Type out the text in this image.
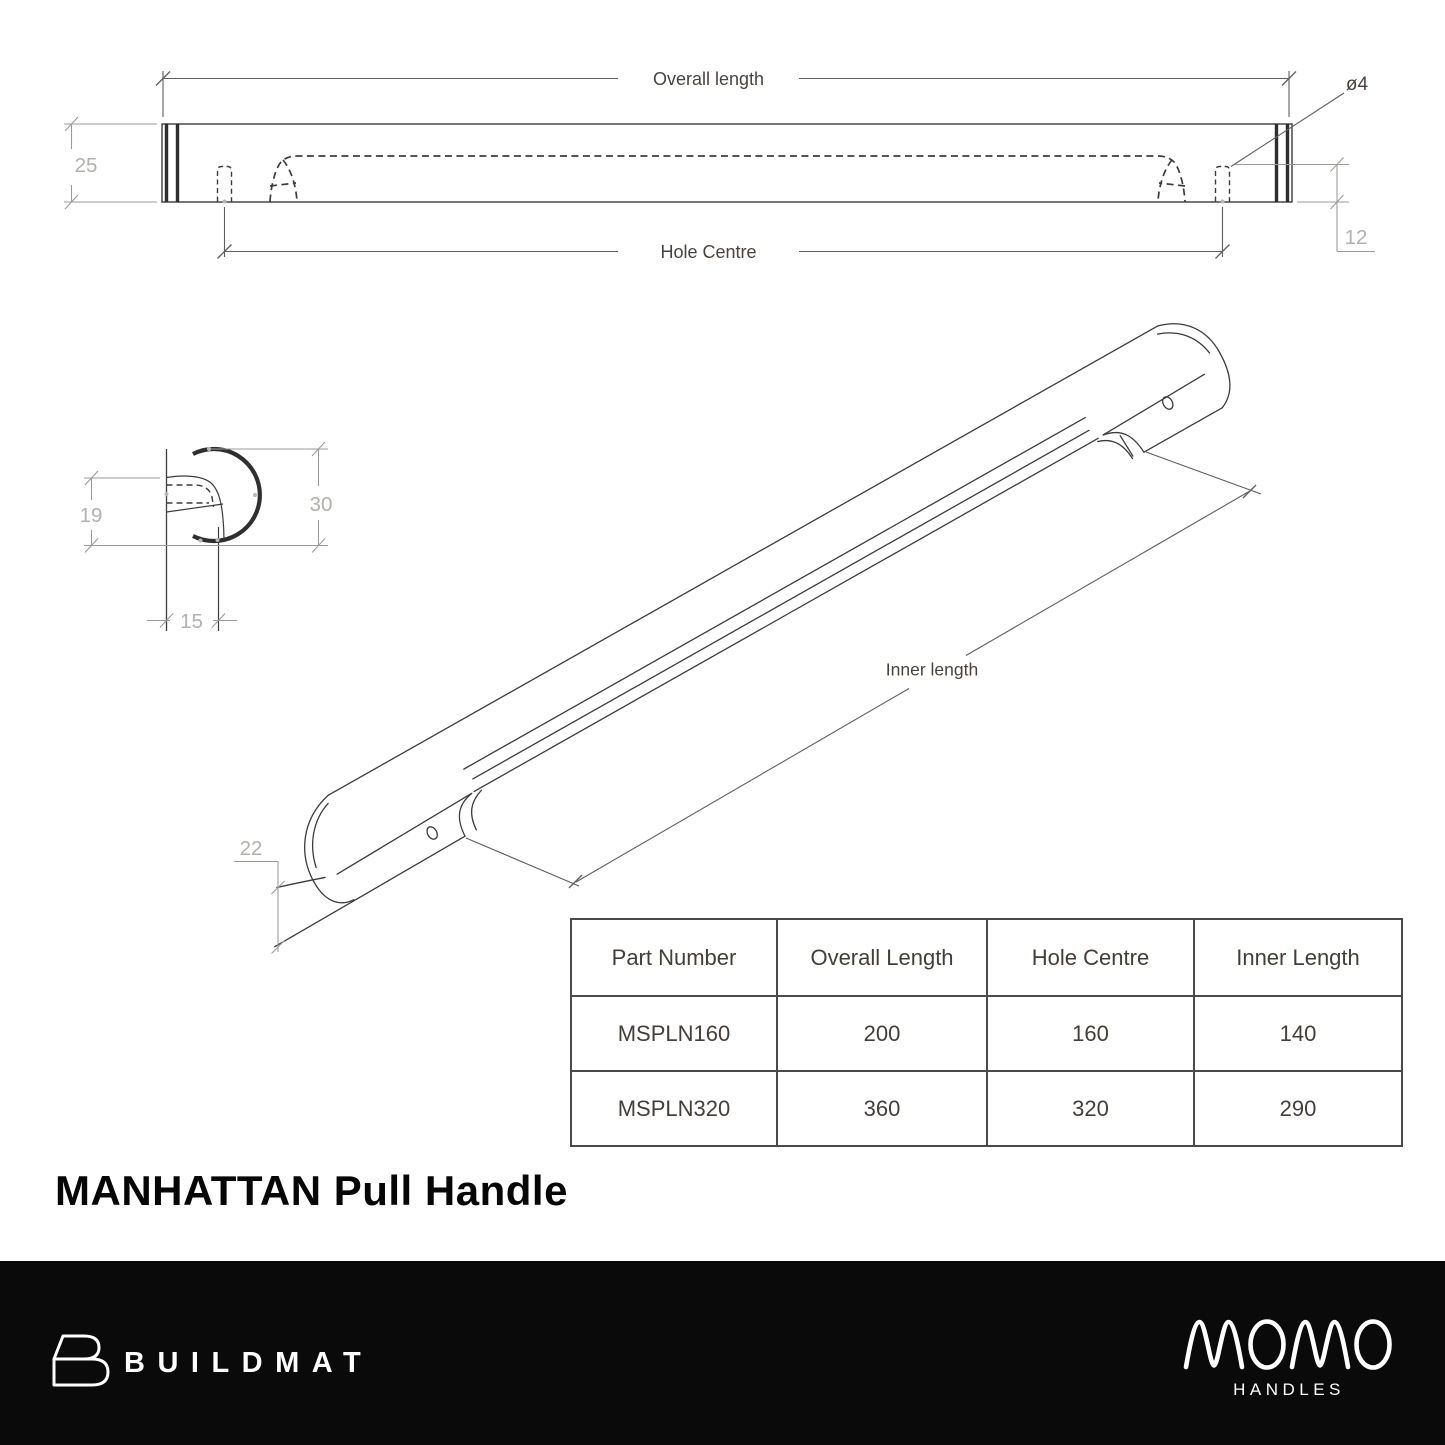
Overall length
Hole Centre
ø4
25
12
30
19
15
Inner length
22
Part Number	Overall Length	Hole Centre	Inner Length
MSPLN160	200	160	140
MSPLN320	360	320	290
MANHATTAN Pull Handle
BUILDMAT
HANDLES
